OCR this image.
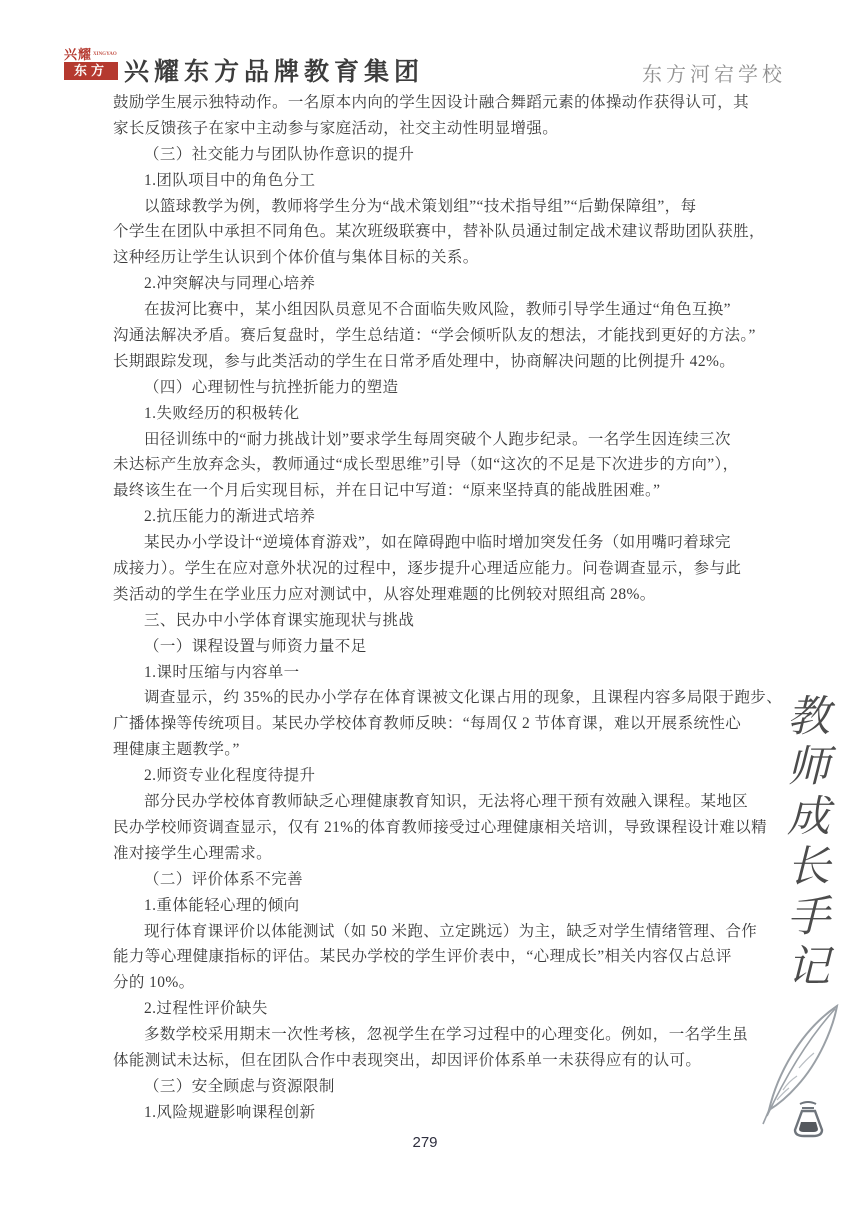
兴耀 XINGYAO
东方 兴耀东方品牌教育集团	东方河宕学校
鼓励学生展示独特动作。一名原本内向的学生因设计融合舞蹈元素的体操动作获得认可，其
家长反馈孩子在家中主动参与家庭活动，社交主动性明显增强。
（三）社交能力与团队协作意识的提升
1.团队项目中的角色分工
以篮球教学为例，教师将学生分为“战术策划组”“技术指导组”“后勤保障组”，每
个学生在团队中承担不同角色。某次班级联赛中，替补队员通过制定战术建议帮助团队获胜，
这种经历让学生认识到个体价值与集体目标的关系。
2.冲突解决与同理心培养
在拔河比赛中，某小组因队员意见不合面临失败风险，教师引导学生通过“角色互换”
沟通法解决矛盾。赛后复盘时，学生总结道：“学会倾听队友的想法，才能找到更好的方法。”
长期跟踪发现，参与此类活动的学生在日常矛盾处理中，协商解决问题的比例提升 42%。
（四）心理韧性与抗挫折能力的塑造
1.失败经历的积极转化
田径训练中的“耐力挑战计划”要求学生每周突破个人跑步纪录。一名学生因连续三次
未达标产生放弃念头，教师通过“成长型思维”引导（如“这次的不足是下次进步的方向”），
最终该生在一个月后实现目标，并在日记中写道：“原来坚持真的能战胜困难。”
2.抗压能力的渐进式培养
某民办小学设计“逆境体育游戏”，如在障碍跑中临时增加突发任务（如用嘴叼着球完
成接力）。学生在应对意外状况的过程中，逐步提升心理适应能力。问卷调查显示，参与此
类活动的学生在学业压力应对测试中，从容处理难题的比例较对照组高 28%。
三、民办中小学体育课实施现状与挑战
（一）课程设置与师资力量不足
1.课时压缩与内容单一
调查显示，约 35%的民办小学存在体育课被文化课占用的现象，且课程内容多局限于跑步、
广播体操等传统项目。某民办学校体育教师反映：“每周仅 2 节体育课，难以开展系统性心
理健康主题教学。”
2.师资专业化程度待提升
部分民办学校体育教师缺乏心理健康教育知识，无法将心理干预有效融入课程。某地区
民办学校师资调查显示，仅有 21%的体育教师接受过心理健康相关培训，导致课程设计难以精
准对接学生心理需求。
（二）评价体系不完善
1.重体能轻心理的倾向
现行体育课评价以体能测试（如 50 米跑、立定跳远）为主，缺乏对学生情绪管理、合作
能力等心理健康指标的评估。某民办学校的学生评价表中，“心理成长”相关内容仅占总评
分的 10%。
2.过程性评价缺失
多数学校采用期末一次性考核，忽视学生在学习过程中的心理变化。例如，一名学生虽
体能测试未达标，但在团队合作中表现突出，却因评价体系单一未获得应有的认可。
（三）安全顾虑与资源限制
1.风险规避影响课程创新
教师成长手记
279
